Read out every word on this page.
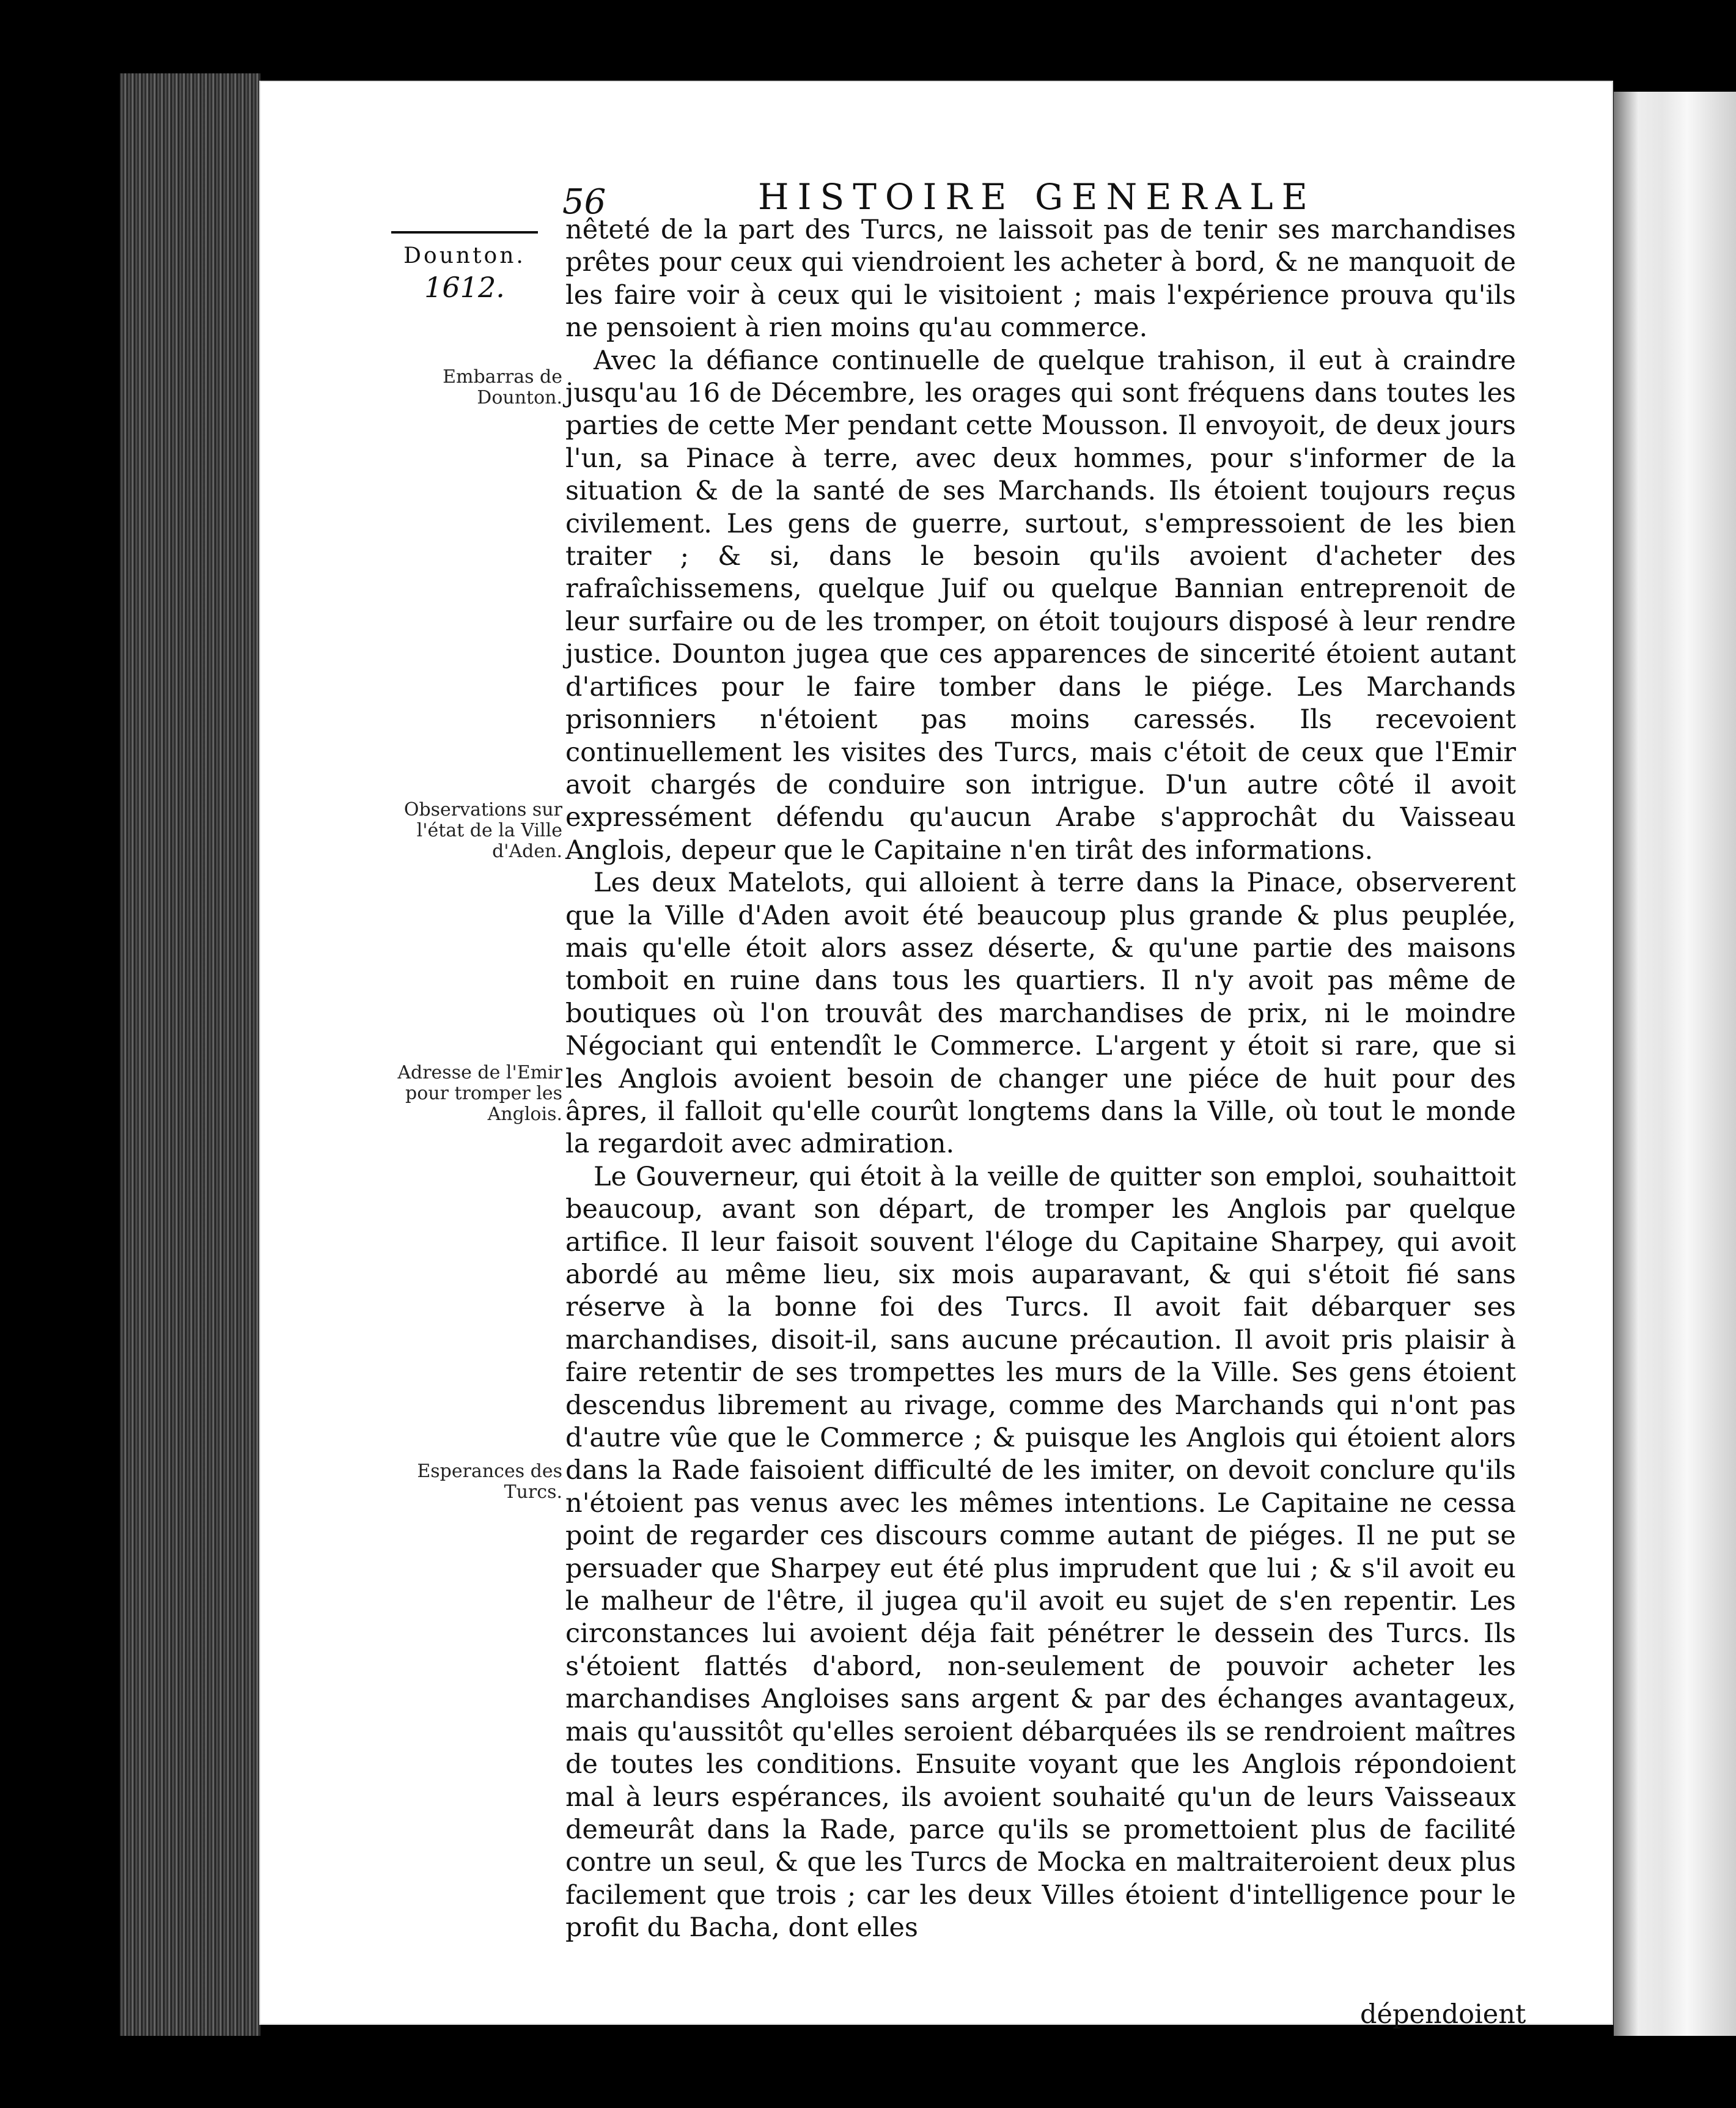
56	HISTOIRE GENERALE
Dounton.
1612.
Embarras de Dounton.
Observations sur l'état de la Ville d'Aden.
Adresse de l'Emir pour tromper les Anglois.
Esperances des Turcs.

nêteté de la part des Turcs, ne laissoit pas de tenir ses marchandises prêtes pour ceux qui viendroient les acheter à bord, & ne manquoit de les faire voir à ceux qui le visitoient ; mais l'expérience prouva qu'ils ne pensoient à rien moins qu'au commerce.

Avec la défiance continuelle de quelque trahison, il eut à craindre jusqu'au 16 de Décembre, les orages qui sont fréquens dans toutes les parties de cette Mer pendant cette Mousson. Il envoyoit, de deux jours l'un, sa Pinace à terre, avec deux hommes, pour s'informer de la situation & de la santé de ses Marchands. Ils étoient toujours reçus civilement. Les gens de guerre, surtout, s'empressoient de les bien traiter ; & si, dans le besoin qu'ils avoient d'acheter des rafraîchissemens, quelque Juif ou quelque Bannian entreprenoit de leur surfaire ou de les tromper, on étoit toujours disposé à leur rendre justice. Dounton jugea que ces apparences de sincerité étoient autant d'artifices pour le faire tomber dans le piége. Les Marchands prisonniers n'étoient pas moins caressés. Ils recevoient continuellement les visites des Turcs, mais c'étoit de ceux que l'Emir avoit chargés de conduire son intrigue. D'un autre côté il avoit expressément défendu qu'aucun Arabe s'approchât du Vaisseau Anglois, depeur que le Capitaine n'en tirât des informations.

Les deux Matelots, qui alloient à terre dans la Pinace, observerent que la Ville d'Aden avoit été beaucoup plus grande & plus peuplée, mais qu'elle étoit alors assez déserte, & qu'une partie des maisons tomboit en ruine dans tous les quartiers. Il n'y avoit pas même de boutiques où l'on trouvât des marchandises de prix, ni le moindre Négociant qui entendît le Commerce. L'argent y étoit si rare, que si les Anglois avoient besoin de changer une piéce de huit pour des âpres, il falloit qu'elle courût longtems dans la Ville, où tout le monde la regardoit avec admiration.

Le Gouverneur, qui étoit à la veille de quitter son emploi, souhaittoit beaucoup, avant son départ, de tromper les Anglois par quelque artifice. Il leur faisoit souvent l'éloge du Capitaine Sharpey, qui avoit abordé au même lieu, six mois auparavant, & qui s'étoit fié sans réserve à la bonne foi des Turcs. Il avoit fait débarquer ses marchandises, disoit-il, sans aucune précaution. Il avoit pris plaisir à faire retentir de ses trompettes les murs de la Ville. Ses gens étoient descendus librement au rivage, comme des Marchands qui n'ont pas d'autre vûe que le Commerce ; & puisque les Anglois qui étoient alors dans la Rade faisoient difficulté de les imiter, on devoit conclure qu'ils n'étoient pas venus avec les mêmes intentions. Le Capitaine ne cessa point de regarder ces discours comme autant de piéges. Il ne put se persuader que Sharpey eut été plus imprudent que lui ; & s'il avoit eu le malheur de l'être, il jugea qu'il avoit eu sujet de s'en repentir. Les circonstances lui avoient déja fait pénétrer le dessein des Turcs. Ils s'étoient flattés d'abord, non-seulement de pouvoir acheter les marchandises Angloises sans argent & par des échanges avantageux, mais qu'aussitôt qu'elles seroient débarquées ils se rendroient maîtres de toutes les conditions. Ensuite voyant que les Anglois répondoient mal à leurs espérances, ils avoient souhaité qu'un de leurs Vaisseaux demeurât dans la Rade, parce qu'ils se promettoient plus de facilité contre un seul, & que les Turcs de Mocka en maltraiteroient deux plus facilement que trois ; car les deux Villes étoient d'intelligence pour le profit du Bacha, dont elles

dépendoient
